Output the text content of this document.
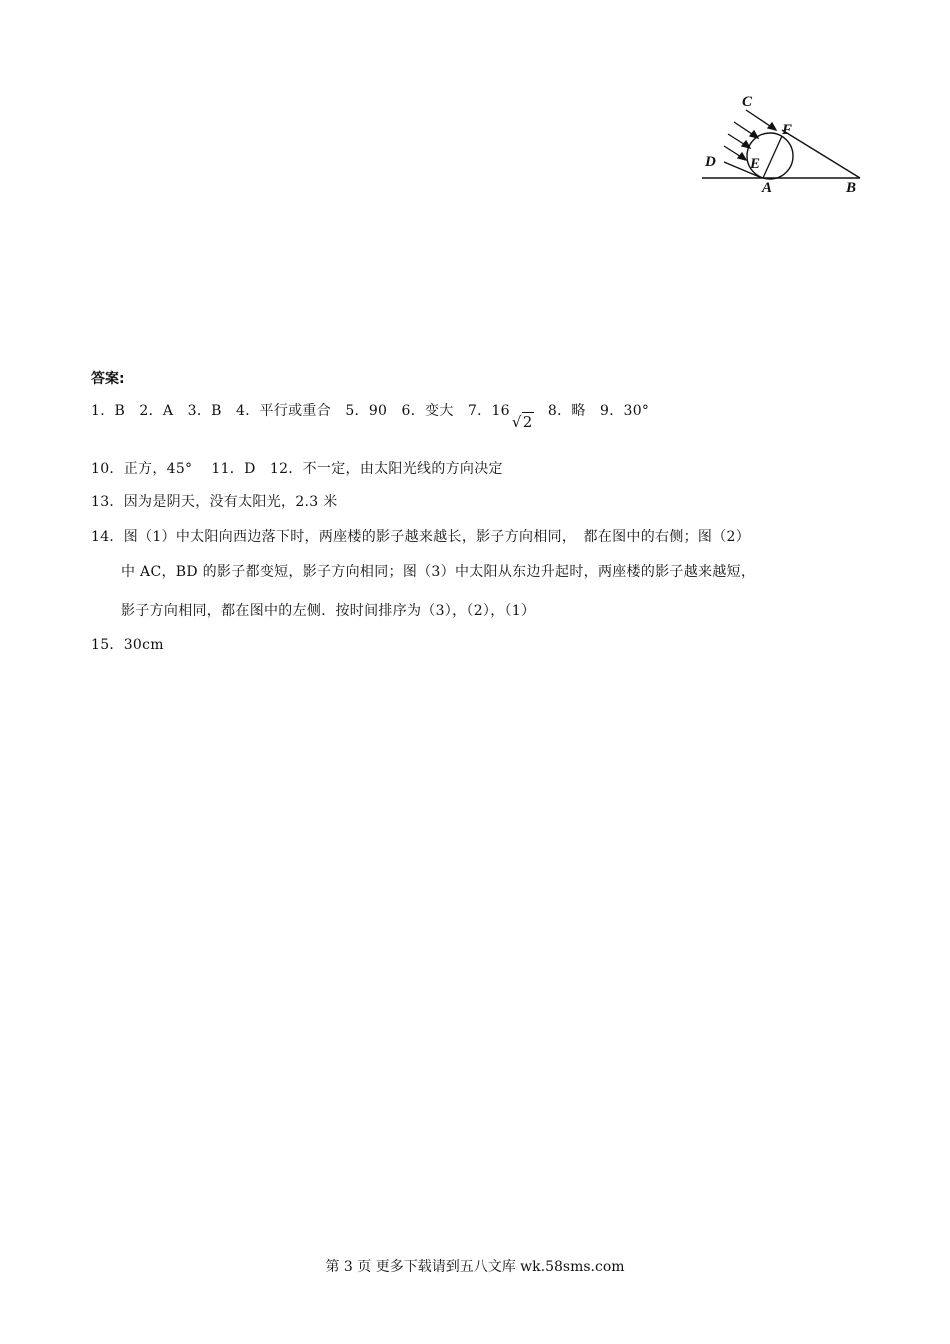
C
F
D E
A	B
答案:
1．B　2．A　3．B　4．平行或重合　5．90　6．变大　7．16√2　8．略　9．30°
10．正方，45°　 11．D　12．不一定，由太阳光线的方向决定
13．因为是阴天，没有太阳光，2.3 米
14．图（1）中太阳向西边落下时，两座楼的影子越来越长，影子方向相同，　都在图中的右侧；图（2）
中 AC，BD 的影子都变短，影子方向相同；图（3）中太阳从东边升起时，两座楼的影子越来越短，
影子方向相同，都在图中的左侧．按时间排序为（3），（2），（1）
15．30cm
第 3 页 更多下载请到五八文库 wk.58sms.com
